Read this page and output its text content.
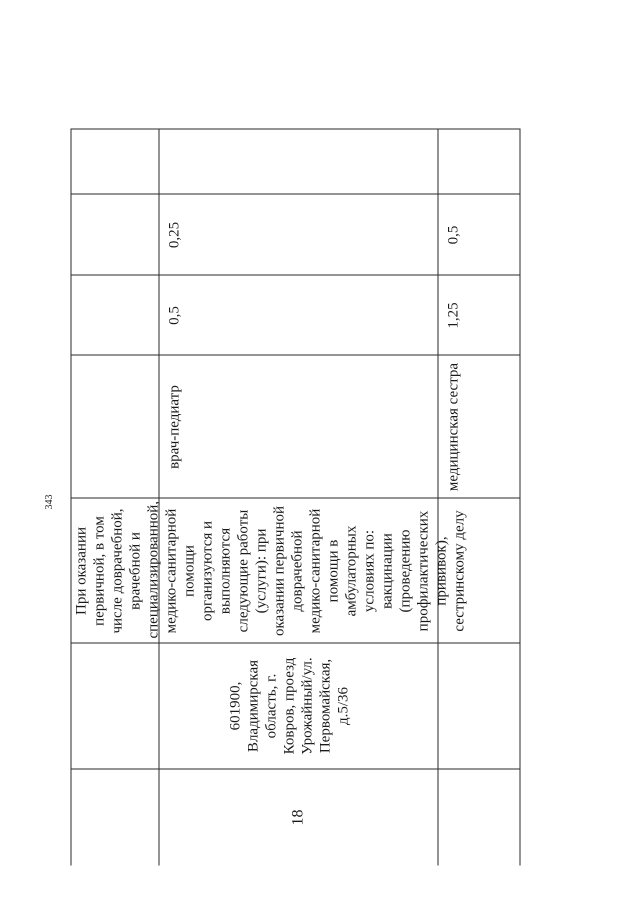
343
18
601900, Владимирская область, г. Ковров, проезд Урожайный/ул. Первомайская, д.5/36
При оказании первичной, в том числе доврачебной, врачебной и специализированной, медико-санитарной помощи организуются и выполняются следующие работы (услуги): при оказании первичной доврачебной медико-санитарной помощи в амбулаторных условиях по: вакцинации (проведению профилактических прививок), сестринскому делу
врач-педиатр
0,5
0,25
медицинская сестра
1,25
0,5
